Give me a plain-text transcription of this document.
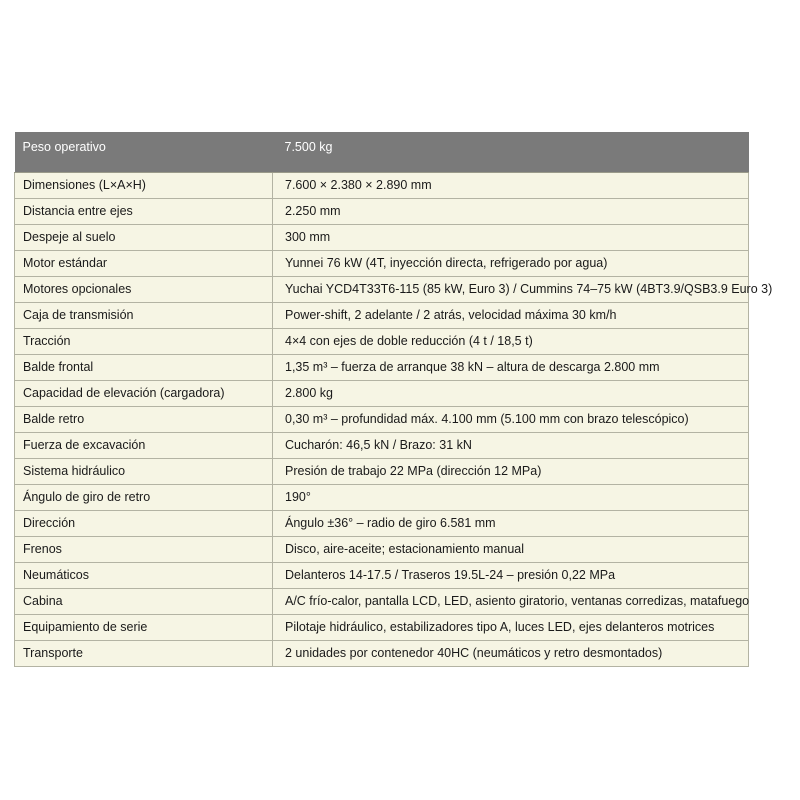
Peso operativo	7.500 kg
Dimensiones (L×A×H)	7.600 × 2.380 × 2.890 mm
Distancia entre ejes	2.250 mm
Despeje al suelo	300 mm
Motor estándar	Yunnei 76 kW (4T, inyección directa, refrigerado por agua)
Motores opcionales	Yuchai YCD4T33T6-115 (85 kW, Euro 3) / Cummins 74–75 kW (4BT3.9/QSB3.9 Euro 3)
Caja de transmisión	Power-shift, 2 adelante / 2 atrás, velocidad máxima 30 km/h
Tracción	4×4 con ejes de doble reducción (4 t / 18,5 t)
Balde frontal	1,35 m³ – fuerza de arranque 38 kN – altura de descarga 2.800 mm
Capacidad de elevación (cargadora)	2.800 kg
Balde retro	0,30 m³ – profundidad máx. 4.100 mm (5.100 mm con brazo telescópico)
Fuerza de excavación	Cucharón: 46,5 kN / Brazo: 31 kN
Sistema hidráulico	Presión de trabajo 22 MPa (dirección 12 MPa)
Ángulo de giro de retro	190°
Dirección	Ángulo ±36° – radio de giro 6.581 mm
Frenos	Disco, aire-aceite; estacionamiento manual
Neumáticos	Delanteros 14-17.5 / Traseros 19.5L-24 – presión 0,22 MPa
Cabina	A/C frío-calor, pantalla LCD, LED, asiento giratorio, ventanas corredizas, matafuego
Equipamiento de serie	Pilotaje hidráulico, estabilizadores tipo A, luces LED, ejes delanteros motrices
Transporte	2 unidades por contenedor 40HC (neumáticos y retro desmontados)
